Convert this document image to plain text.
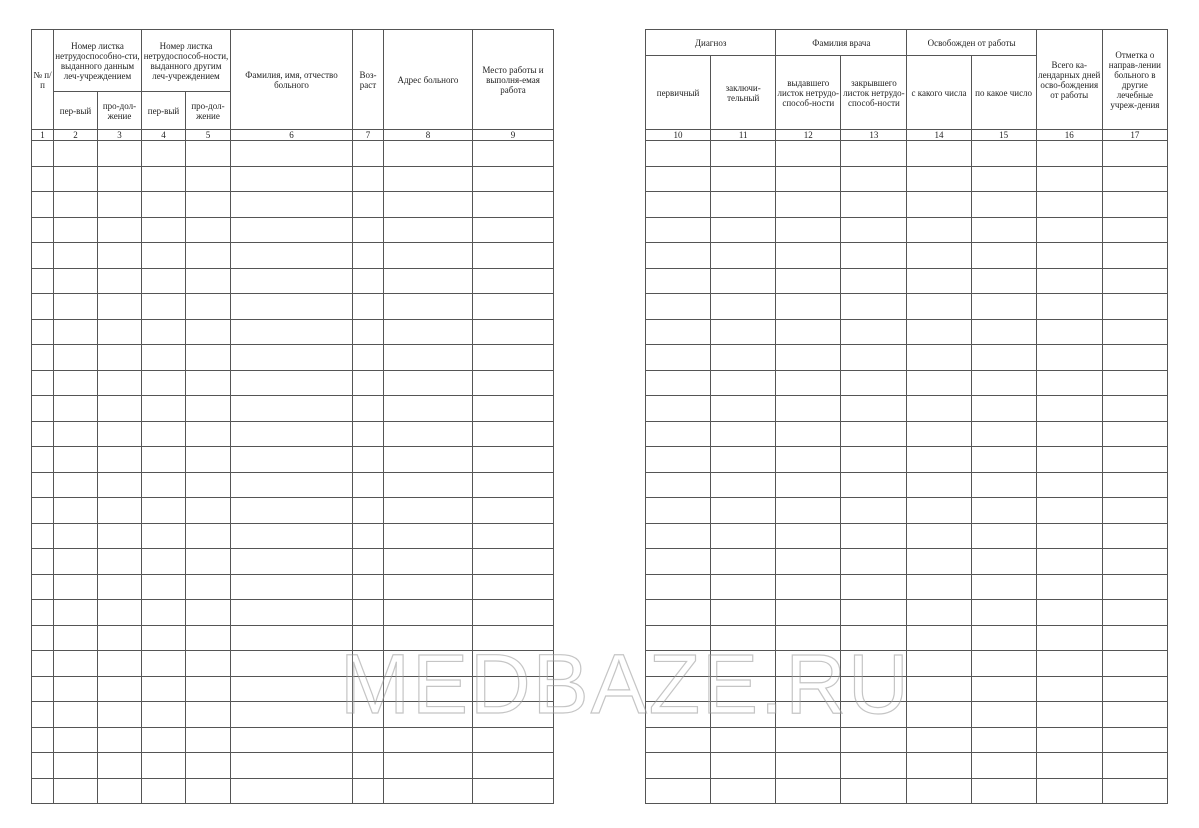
№ п/п	Номер листка нетрудоспособно-сти, выданного данным леч-учреждением		Номер листка нетрудоспособ-ности, выданного другим леч-учреждением		Фамилия, имя, отчество больного	Воз-раст	Адрес больного	Место работы и выполня-емая работа
	пер-вый	про-дол-жение	пер-вый	про-дол-жение				
1	2	3	4	5	6	7	8	9

Диагноз		Фамилия врача		Освобожден от работы		Всего ка-лендарных дней осво-бождения от работы	Отметка о направ-лении больного в другие лечебные учреж-дения
первичный	заключи-тельный	выдавшего листок нетрудо-способ-ности	закрывшего листок нетрудо-способ-ности	с какого числа	по какое число		
10	11	12	13	14	15	16	17

MEDBAZE.RU
